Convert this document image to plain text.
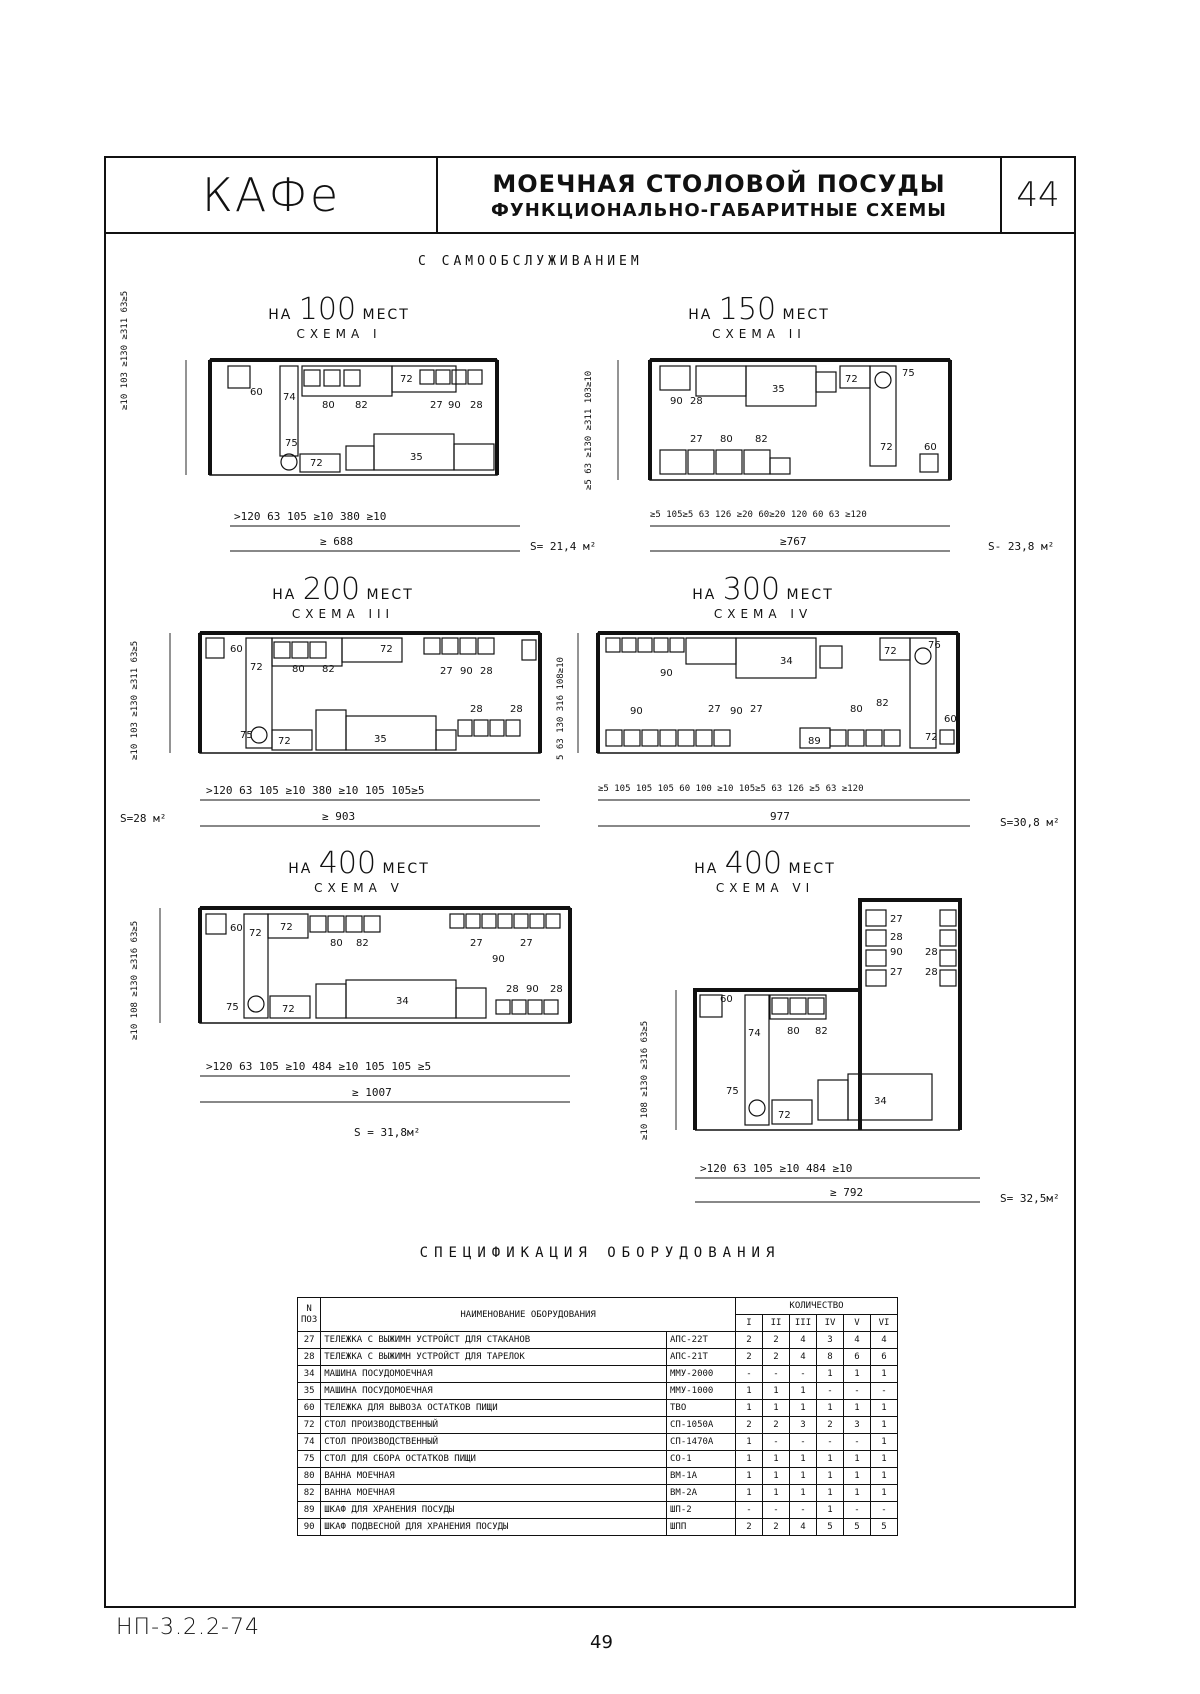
КАФе	МОЕЧНАЯ СТОЛОВОЙ ПОСУДЫ
ФУНКЦИОНАЛЬНО-ГАБАРИТНЫЕ СХЕМЫ	44
С САМООБСЛУЖИВАНИЕМ
НА 100 МЕСТ
СХЕМА I
НА 150 МЕСТ
СХЕМА II
НА 200 МЕСТ
СХЕМА III
НА 300 МЕСТ
СХЕМА IV
НА 400 МЕСТ
СХЕМА V
НА 400 МЕСТ
СХЕМА VI
60 74
80 82
72
27 90 28
75
72
35
90 28
35
72
75
27 80 82
72	60
60
72	80 82
72
27 90 28
75
72	35
28	28
90
34
72
76
90	27 90 27	80
82
89	72
60
60 72
72
80 82	27	27
90
75	72
34
28 90 28
27
28
90
27
28
28
60
74	80 82
75
72
34
>120 63 105 ≥10 380 ≥10
≥ 688	S= 21,4 м²
≥5 105≥5 63 126 ≥20 60≥20 120 60 63 ≥120
≥767	S- 23,8 м²
>120 63 105 ≥10 380 ≥10 105 105≥5
≥ 903
S=28 м²
≥5 105 105 105 60 100 ≥10 105≥5 63 126 ≥5 63 ≥120
977	S=30,8 м²
>120 63 105 ≥10 484 ≥10 105 105 ≥5
≥ 1007
S = 31,8м²
>120 63 105 ≥10 484 ≥10
≥ 792	S= 32,5м²
≥10 103 ≥130 ≥311 63≥5
≥5 63 ≥130 ≥311 103≥10
≥10 103 ≥130 ≥311 63≥5	5 63 130 316 108≥10
≥10 108 ≥130 ≥316 63≥5
≥10 108 ≥130 ≥316 63≥5
СПЕЦИФИКАЦИЯ ОБОРУДОВАНИЯ
N ПОЗ	НАИМЕНОВАНИЕ ОБОРУДОВАНИЯ		КОЛИЧЕСТВО					
			I	II	III	IV	V	VI
27	ТЕЛЕЖКА С ВЫЖИМН УСТРОЙСТ ДЛЯ СТАКАНОВ	АПС-22Т	2	2	4	3	4	4
28	ТЕЛЕЖКА С ВЫЖИМН УСТРОЙСТ ДЛЯ ТАРЕЛОК	АПС-21Т	2	2	4	8	6	6
34	МАШИНА ПОСУДОМОЕЧНАЯ	ММУ-2000	-	-	-	1	1	1
35	МАШИНА ПОСУДОМОЕЧНАЯ	ММУ-1000	1	1	1	-	-	-
60	ТЕЛЕЖКА ДЛЯ ВЫВОЗА ОСТАТКОВ ПИЩИ	ТВО	1	1	1	1	1	1
72	СТОЛ ПРОИЗВОДСТВЕННЫЙ	СП-1050А	2	2	3	2	3	1
74	СТОЛ ПРОИЗВОДСТВЕННЫЙ	СП-1470А	1	-	-	-	-	1
75	СТОЛ ДЛЯ СБОРА ОСТАТКОВ ПИЩИ	СО-1	1	1	1	1	1	1
80	ВАННА МОЕЧНАЯ	ВМ-1А	1	1	1	1	1	1
82	ВАННА МОЕЧНАЯ	ВМ-2А	1	1	1	1	1	1
89	ШКАФ ДЛЯ ХРАНЕНИЯ ПОСУДЫ	ШП-2	-	-	-	1	-	-
90	ШКАФ ПОДВЕСНОЙ ДЛЯ ХРАНЕНИЯ ПОСУДЫ	ШПП	2	2	4	5	5	5
НП-3.2.2-74
49
